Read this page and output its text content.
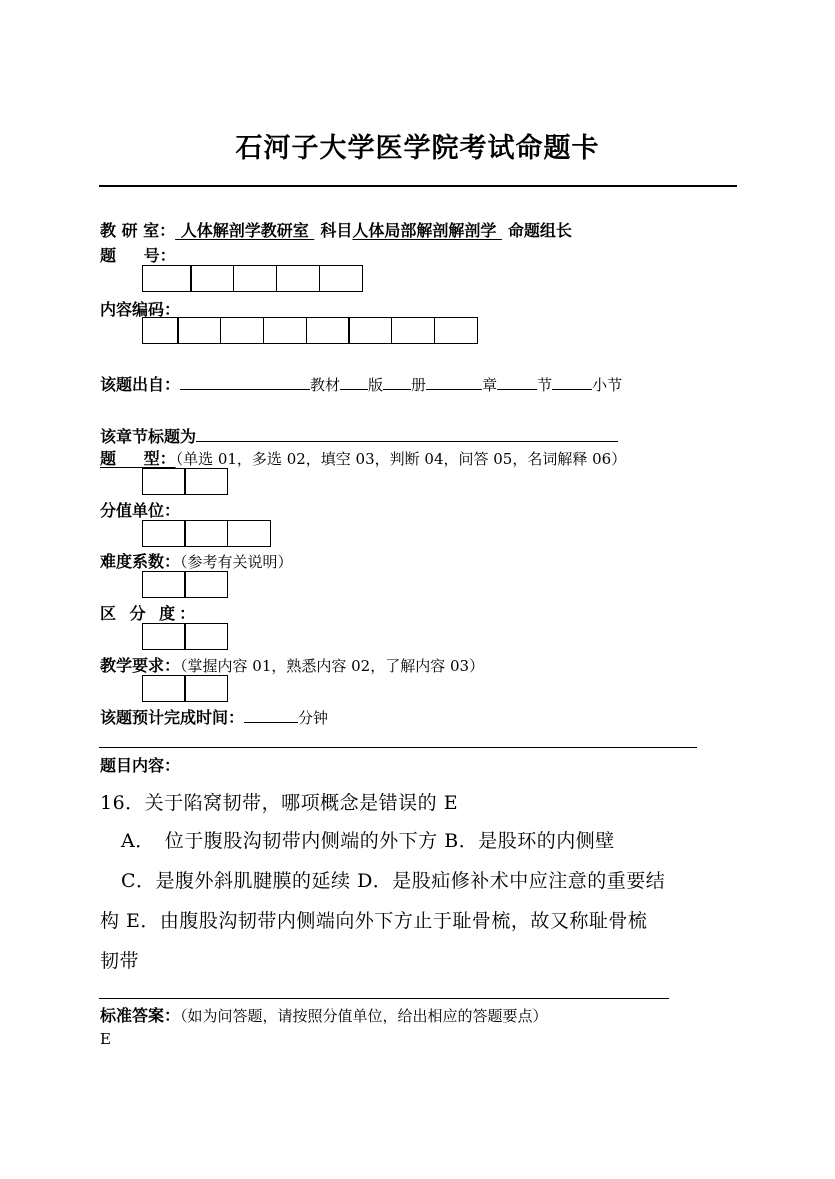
石河子大学医学院考试命题卡
教 研 室： 人体解剖学教研室 科目人体局部解剖解剖学 命题组长
题 号：
内容编码：
该题出自：	教材 版 册	章	节	小节
该章节标题为
题 型：（单选 01，多选 02，填空 03，判断 04，问答 05，名词解释 06）
分值单位：
难度系数：（参考有关说明）
区 分 度：
教学要求：（掌握内容 01，熟悉内容 02，了解内容 03）
该题预计完成时间：	分钟
题目内容：
16．关于陷窝韧带，哪项概念是错误的 E
A．　位于腹股沟韧带内侧端的外下方 B．是股环的内侧壁
C．是腹外斜肌腱膜的延续 D．是股疝修补术中应注意的重要结
构 E．由腹股沟韧带内侧端向外下方止于耻骨梳，故又称耻骨梳
韧带
标准答案：（如为问答题，请按照分值单位，给出相应的答题要点）
E
